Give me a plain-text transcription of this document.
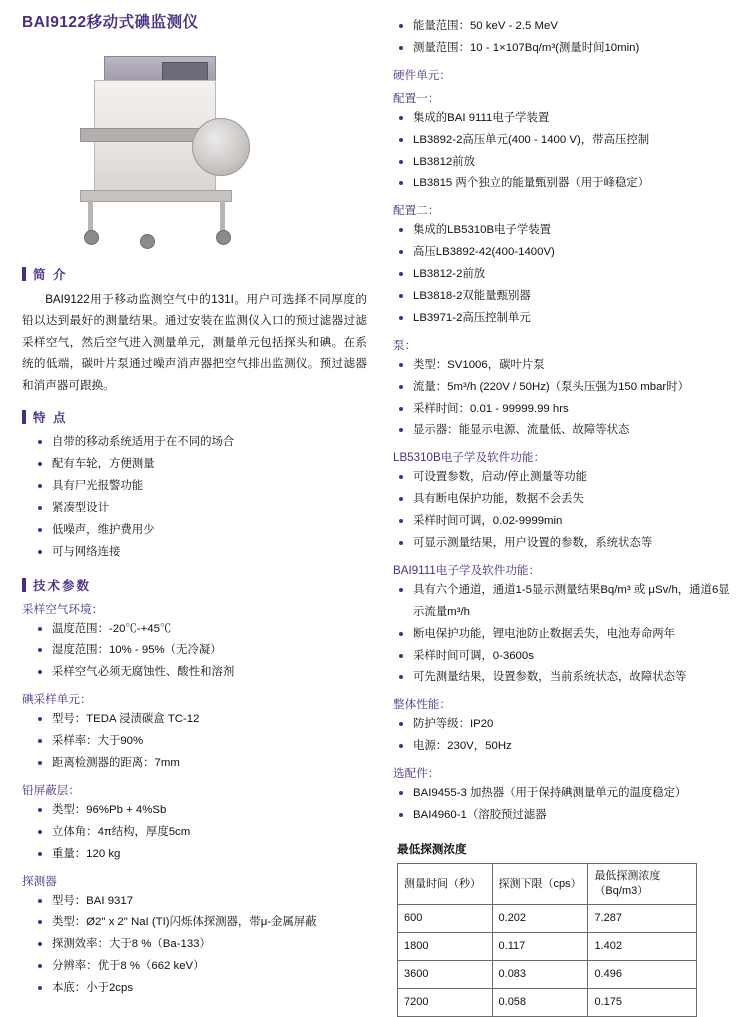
BAI9122移动式碘监测仪
简 介

BAI9122用于移动监测空气中的131I。用户可选择不同厚度的铅以达到最好的测量结果。通过安装在监测仪入口的预过滤器过滤采样空气，然后空气进入测量单元，测量单元包括探头和碘。在系统的低端，碳叶片泵通过噪声消声器把空气排出监测仪。预过滤器和消声器可跟换。

特 点
自带的移动系统适用于在不同的场合
配有车轮，方便测量
具有尸光报警功能
紧凑型设计
低噪声，维护费用少
可与网络连接
技术参数
采样空气环境：
温度范围：-20℃-+45℃
湿度范围：10% - 95%（无冷凝）
采样空气必须无腐蚀性、酸性和溶剂
碘采样单元：
型号：TEDA 浸渍碳盒 TC-12
采样率：大于90%
距离检测器的距离：7mm
铅屏蔽层：
类型：96%Pb + 4%Sb
立体角：4π结构，厚度5cm
重量：120 kg
探测器
型号：BAI 9317
类型：Ø2" x 2" NaI (TI)闪烁体探测器，带μ-金属屏蔽
探测效率：大于8 %（Ba-133）
分辨率：优于8 %（662 keV）
本底：小于2cps
能量范围：50 keV - 2.5 MeV
测量范围：10 - 1×107Bq/m³(测量时间10min)
硬件单元：
配置一：
集成的BAI 9111电子学装置
LB3892-2高压单元(400 - 1400 V)，带高压控制
LB3812前放
LB3815 两个独立的能量甄别器（用于峰稳定）
配置二：
集成的LB5310B电子学装置
高压LB3892-42(400-1400V)
LB3812-2前放
LB3818-2双能量甄别器
LB3971-2高压控制单元
泵：
类型：SV1006，碳叶片泵
流量：5m³/h (220V / 50Hz)（泵头压强为150 mbar时）
采样时间：0.01 - 99999.99 hrs
显示器：能显示电源、流量低、故障等状态
LB5310B电子学及软件功能：
可设置参数，启动/停止测量等功能
具有断电保护功能，数据不会丢失
采样时间可调，0.02-9999min
可显示测量结果，用户设置的参数，系统状态等
BAI9111电子学及软件功能：
具有六个通道，通道1-5显示测量结果Bq/m³ 或 μSv/h，通道6显示流量m³/h
断电保护功能，锂电池防止数据丢失，电池寿命两年
采样时间可调，0-3600s
可先测量结果，设置参数，当前系统状态，故障状态等
整体性能：
防护等级：IP20
电源：230V，50Hz
选配件：
BAI9455-3 加热器（用于保持碘测量单元的温度稳定）
BAI4960-1（溶胶预过滤器
最低探测浓度
测量时间（秒）	探测下限（cps）	最低探测浓度（Bq/m3）
600	0.202	7.287
1800	0.117	1.402
3600	0.083	0.496
7200	0.058	0.175
